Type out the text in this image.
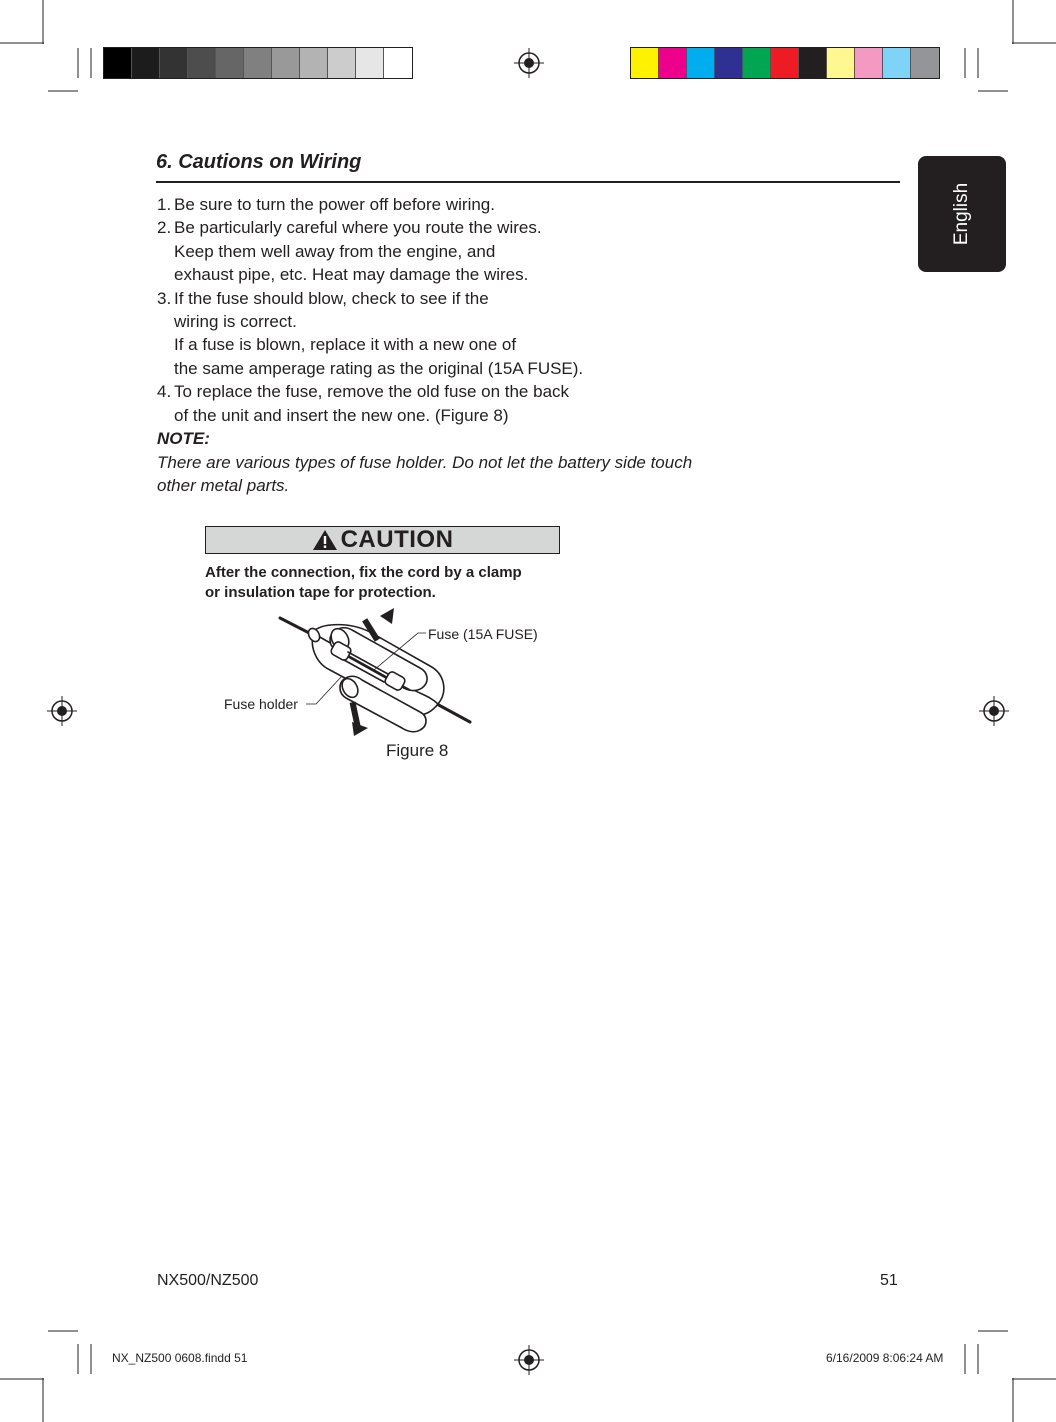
English
6. Cautions on Wiring
1. Be sure to turn the power off before wiring.
2. Be particularly careful where you route the wires.
Keep them well away from the engine, and
exhaust pipe, etc. Heat may damage the wires.
3. If the fuse should blow, check to see if the
wiring is correct.
If a fuse is blown, replace it with a new one of
the same amperage rating as the original (15A FUSE).
4. To replace the fuse, remove the old fuse on the back
of the unit and insert the new one. (Figure 8)
NOTE:
There are various types of fuse holder. Do not let the battery side touch other metal parts.
CAUTION
After the connection, fix the cord by a clamp
or insulation tape for protection.
Fuse (15A FUSE)
Fuse holder
Figure 8
NX500/NZ500	51
NX_NZ500 0608.findd 51	6/16/2009 8:06:24 AM
